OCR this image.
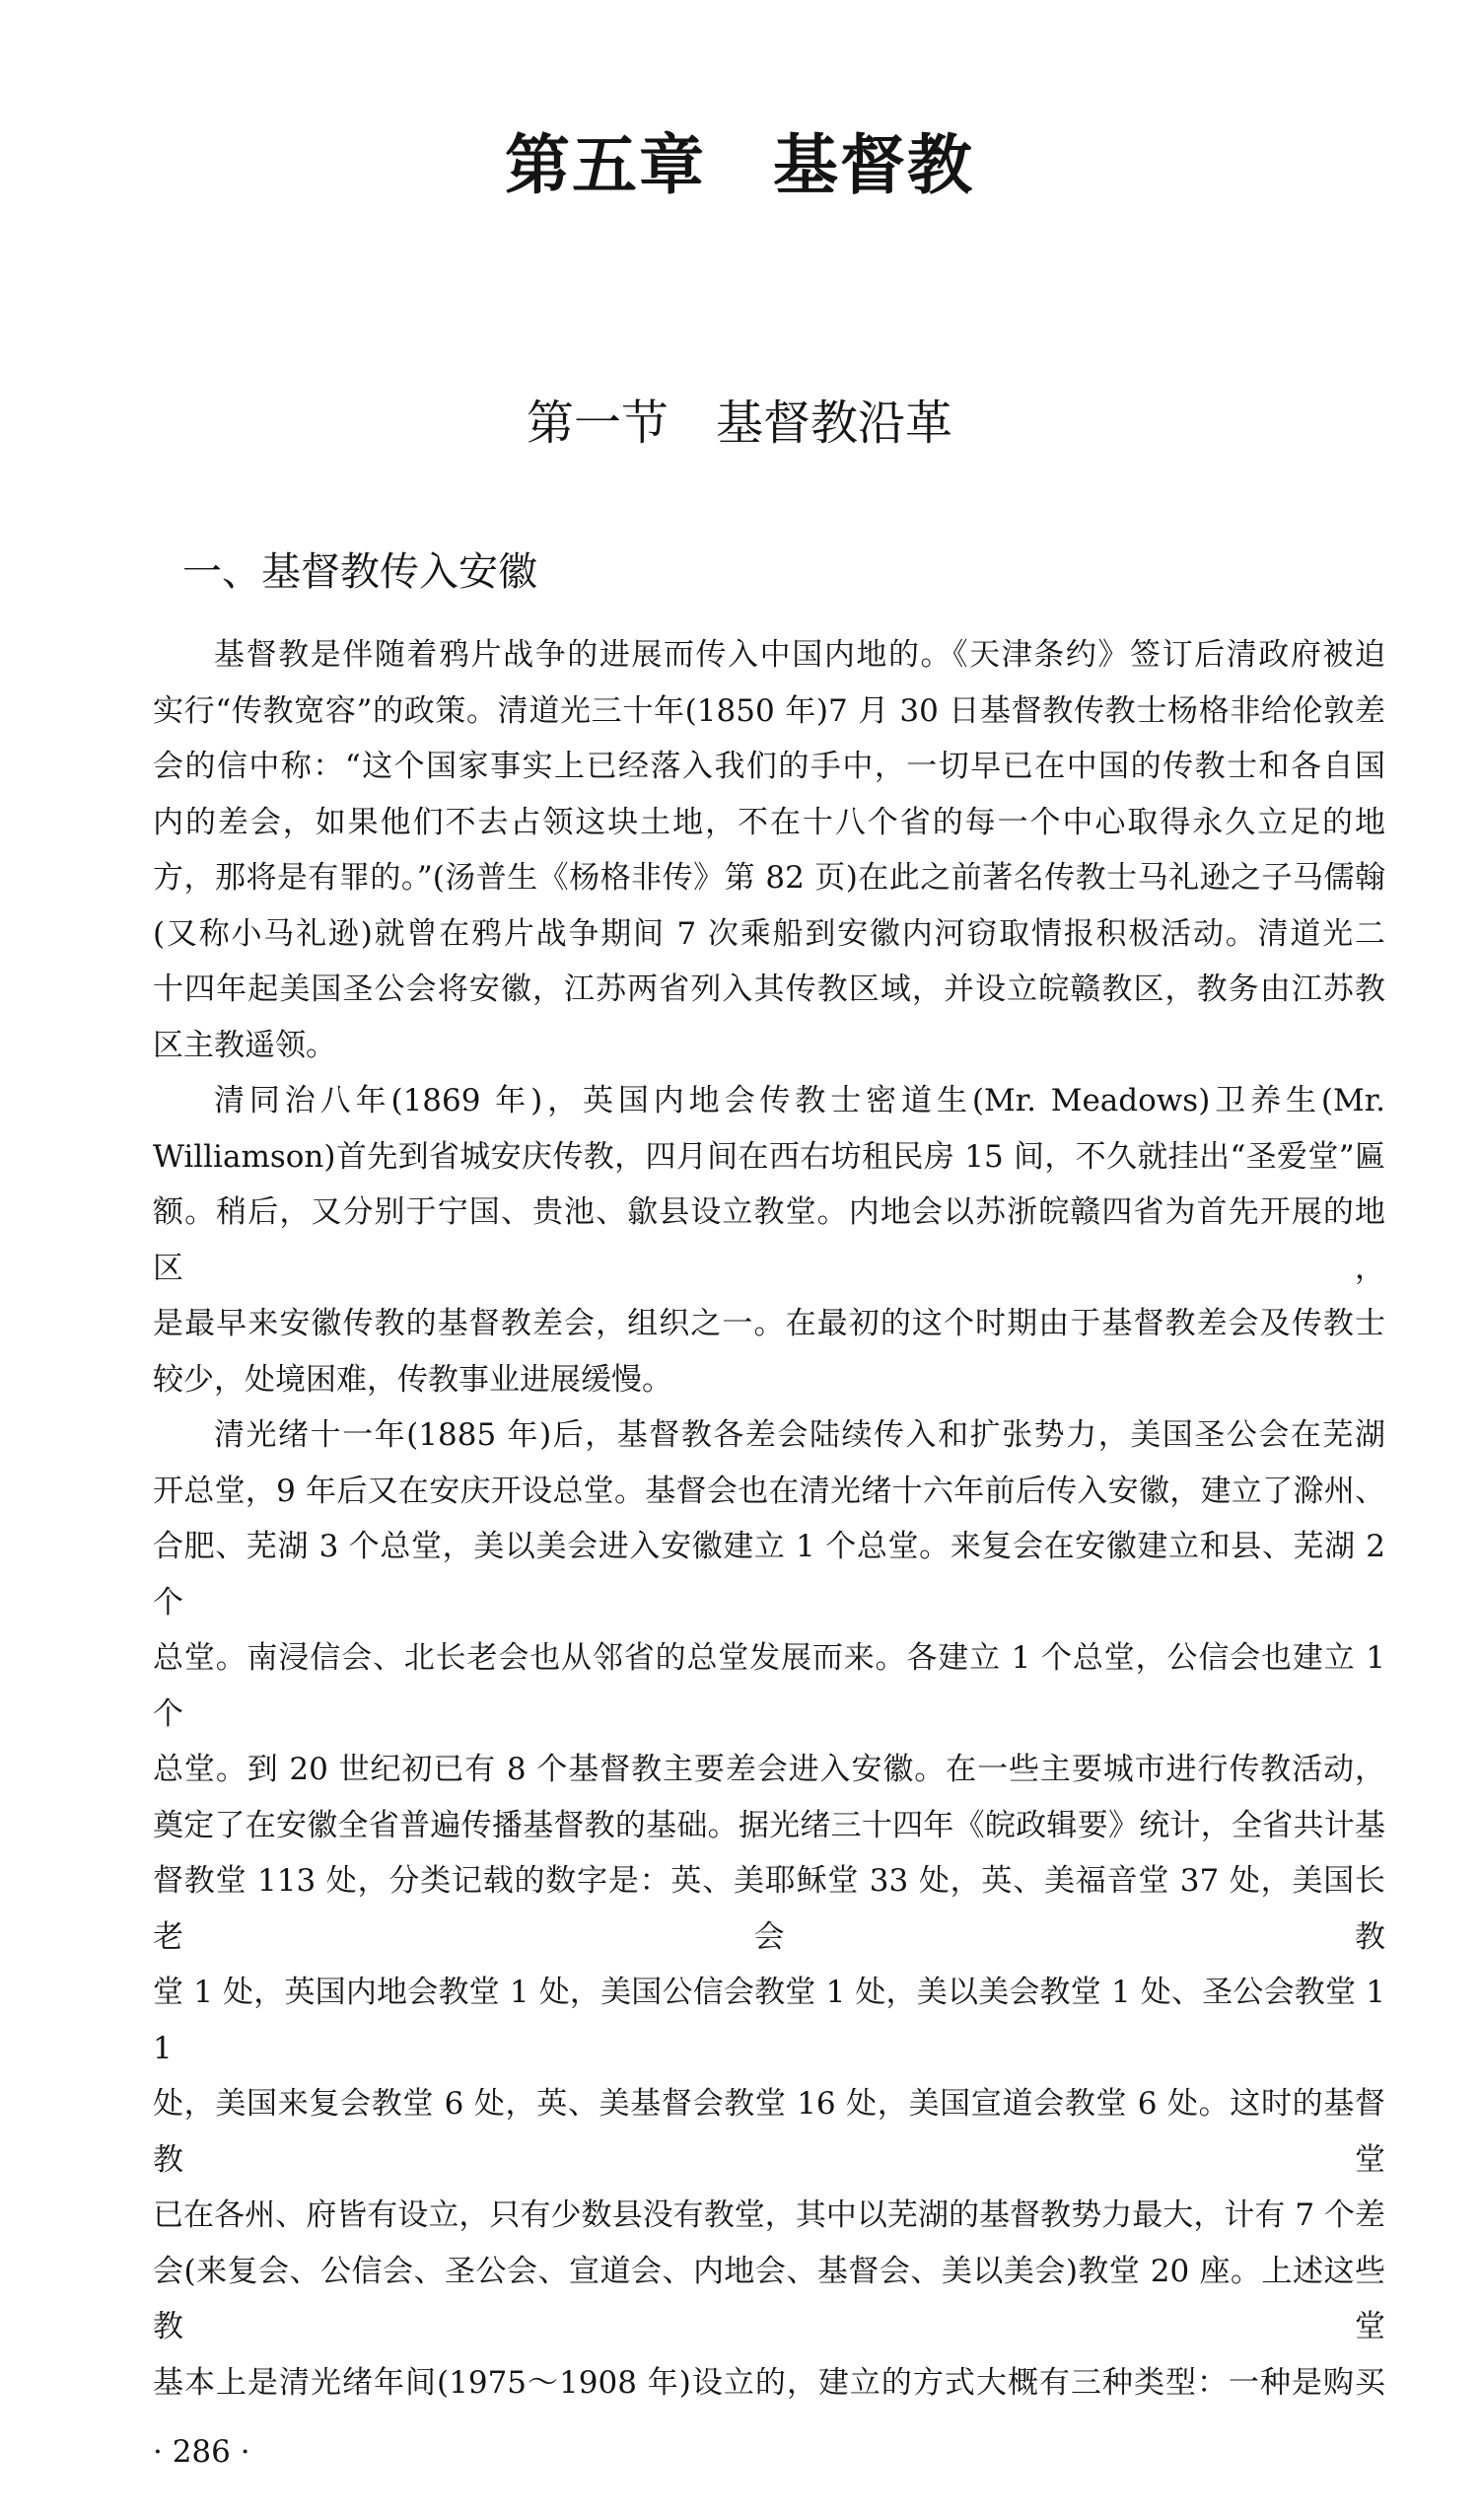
第五章　基督教
第一节　基督教沿革
一、基督教传入安徽
基督教是伴随着鸦片战争的进展而传入中国内地的。《天津条约》签订后清政府被迫
实行“传教宽容”的政策。清道光三十年(1850 年)7 月 30 日基督教传教士杨格非给伦敦差
会的信中称：“这个国家事实上已经落入我们的手中，一切早已在中国的传教士和各自国
内的差会，如果他们不去占领这块土地，不在十八个省的每一个中心取得永久立足的地
方，那将是有罪的。”(汤普生《杨格非传》第 82 页)在此之前著名传教士马礼逊之子马儒翰
(又称小马礼逊)就曾在鸦片战争期间 7 次乘船到安徽内河窃取情报积极活动。清道光二
十四年起美国圣公会将安徽，江苏两省列入其传教区域，并设立皖赣教区，教务由江苏教
区主教遥领。
清同治八年(1869 年)，英国内地会传教士密道生(Mr. Meadows)卫养生(Mr.
Williamson)首先到省城安庆传教，四月间在西右坊租民房 15 间，不久就挂出“圣爱堂”匾
额。稍后，又分别于宁国、贵池、歙县设立教堂。内地会以苏浙皖赣四省为首先开展的地区，
是最早来安徽传教的基督教差会，组织之一。在最初的这个时期由于基督教差会及传教士
较少，处境困难，传教事业进展缓慢。
清光绪十一年(1885 年)后，基督教各差会陆续传入和扩张势力，美国圣公会在芜湖
开总堂，9 年后又在安庆开设总堂。基督会也在清光绪十六年前后传入安徽，建立了滁州、
合肥、芜湖 3 个总堂，美以美会进入安徽建立 1 个总堂。来复会在安徽建立和县、芜湖 2 个
总堂。南浸信会、北长老会也从邻省的总堂发展而来。各建立 1 个总堂，公信会也建立 1 个
总堂。到 20 世纪初已有 8 个基督教主要差会进入安徽。在一些主要城市进行传教活动，
奠定了在安徽全省普遍传播基督教的基础。据光绪三十四年《皖政辑要》统计，全省共计基
督教堂 113 处，分类记载的数字是：英、美耶稣堂 33 处，英、美福音堂 37 处，美国长老会教
堂 1 处，英国内地会教堂 1 处，美国公信会教堂 1 处，美以美会教堂 1 处、圣公会教堂 11
处，美国来复会教堂 6 处，英、美基督会教堂 16 处，美国宣道会教堂 6 处。这时的基督教堂
已在各州、府皆有设立，只有少数县没有教堂，其中以芜湖的基督教势力最大，计有 7 个差
会(来复会、公信会、圣公会、宣道会、内地会、基督会、美以美会)教堂 20 座。上述这些教堂
基本上是清光绪年间(1975～1908 年)设立的，建立的方式大概有三种类型：一种是购买
· 286 ·
